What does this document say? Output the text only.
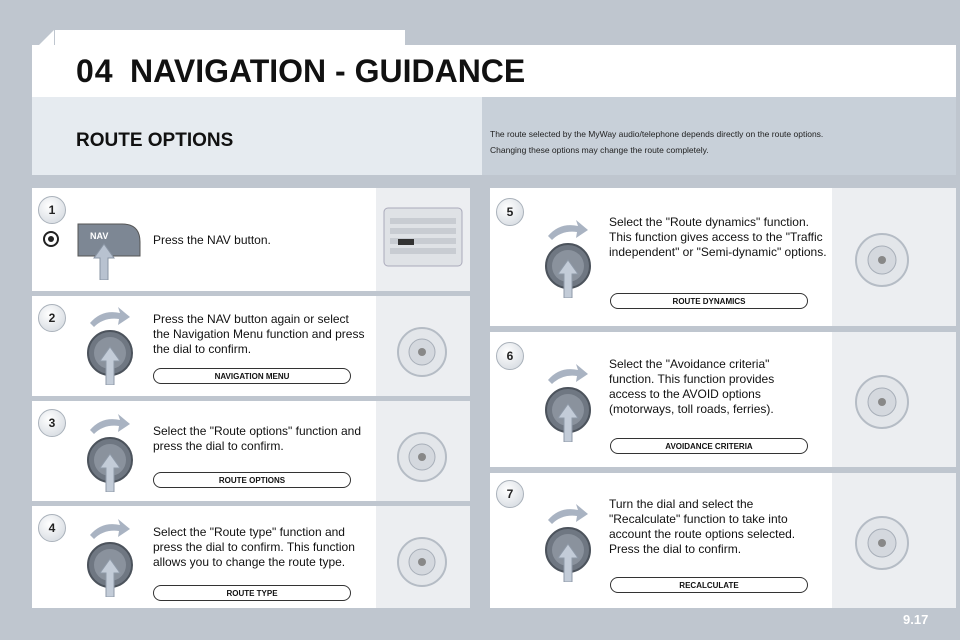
04 NAVIGATION - GUIDANCE
ROUTE OPTIONS	The route selected by the MyWay audio/telephone depends directly on the route options.
Changing these options may change the route completely.
1
NAV	Press the NAV button.
2	Press the NAV button again or select the Navigation Menu function and press the dial to confirm.
NAVIGATION MENU
3
Select the "Route options" function and press the dial to confirm.
ROUTE OPTIONS
4	Select the "Route type" function and press the dial to confirm. This function allows you to change the route type.
ROUTE TYPE
5
Select the "Route dynamics" function. This function gives access to the "Traffic independent" or "Semi-dynamic" options.
ROUTE DYNAMICS
6
Select the "Avoidance criteria" function. This function provides access to the AVOID options (motorways, toll roads, ferries).
AVOIDANCE CRITERIA
7
Turn the dial and select the "Recalculate" function to take into account the route options selected. Press the dial to confirm.
RECALCULATE
9.17
